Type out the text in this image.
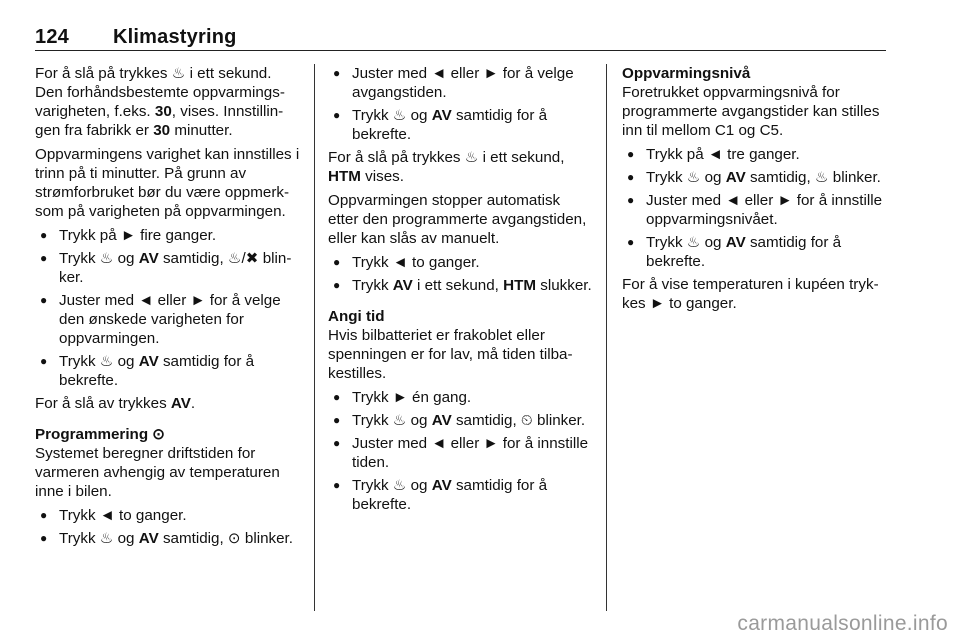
124 Klimastyring

For å slå på trykkes ♨ i ett sekund. Den forhåndsbestemte oppvarmingsvarigheten, f.eks. 30, vises. Innstillingen fra fabrikk er 30 minutter.

Oppvarmingens varighet kan innstilles i trinn på ti minutter. På grunn av strømforbruket bør du være oppmerksom på varigheten på oppvarmingen.

● Trykk på ► fire ganger.
● Trykk ♨ og AV samtidig, ♨/✖ blinker.
● Juster med ◄ eller ► for å velge den ønskede varigheten for oppvarmingen.
● Trykk ♨ og AV samtidig for å bekrefte.

For å slå av trykkes AV.

Programmering ⊙

Systemet beregner driftstiden for varmeren avhengig av temperaturen inne i bilen.

● Trykk ◄ to ganger.
● Trykk ♨ og AV samtidig, ⊙ blinker.
● Juster med ◄ eller ► for å velge avgangstiden.
● Trykk ♨ og AV samtidig for å bekrefte.

For å slå på trykkes ♨ i ett sekund, HTM vises.

Oppvarmingen stopper automatisk etter den programmerte avgangstiden, eller kan slås av manuelt.

● Trykk ◄ to ganger.
● Trykk AV i ett sekund, HTM slukker.

Angi tid

Hvis bilbatteriet er frakoblet eller spenningen er for lav, må tiden tilbakestilles.

● Trykk ► én gang.
● Trykk ♨ og AV samtidig, ⏲ blinker.
● Juster med ◄ eller ► for å innstille tiden.
● Trykk ♨ og AV samtidig for å bekrefte.

Oppvarmingsnivå

Foretrukket oppvarmingsnivå for programmerte avgangstider kan stilles inn til mellom C1 og C5.

● Trykk på ◄ tre ganger.
● Trykk ♨ og AV samtidig, ♨ blinker.
● Juster med ◄ eller ► for å innstille oppvarmingsnivået.
● Trykk ♨ og AV samtidig for å bekrefte.

For å vise temperaturen i kupéen trykkes ► to ganger.

carmanualsonline.info
